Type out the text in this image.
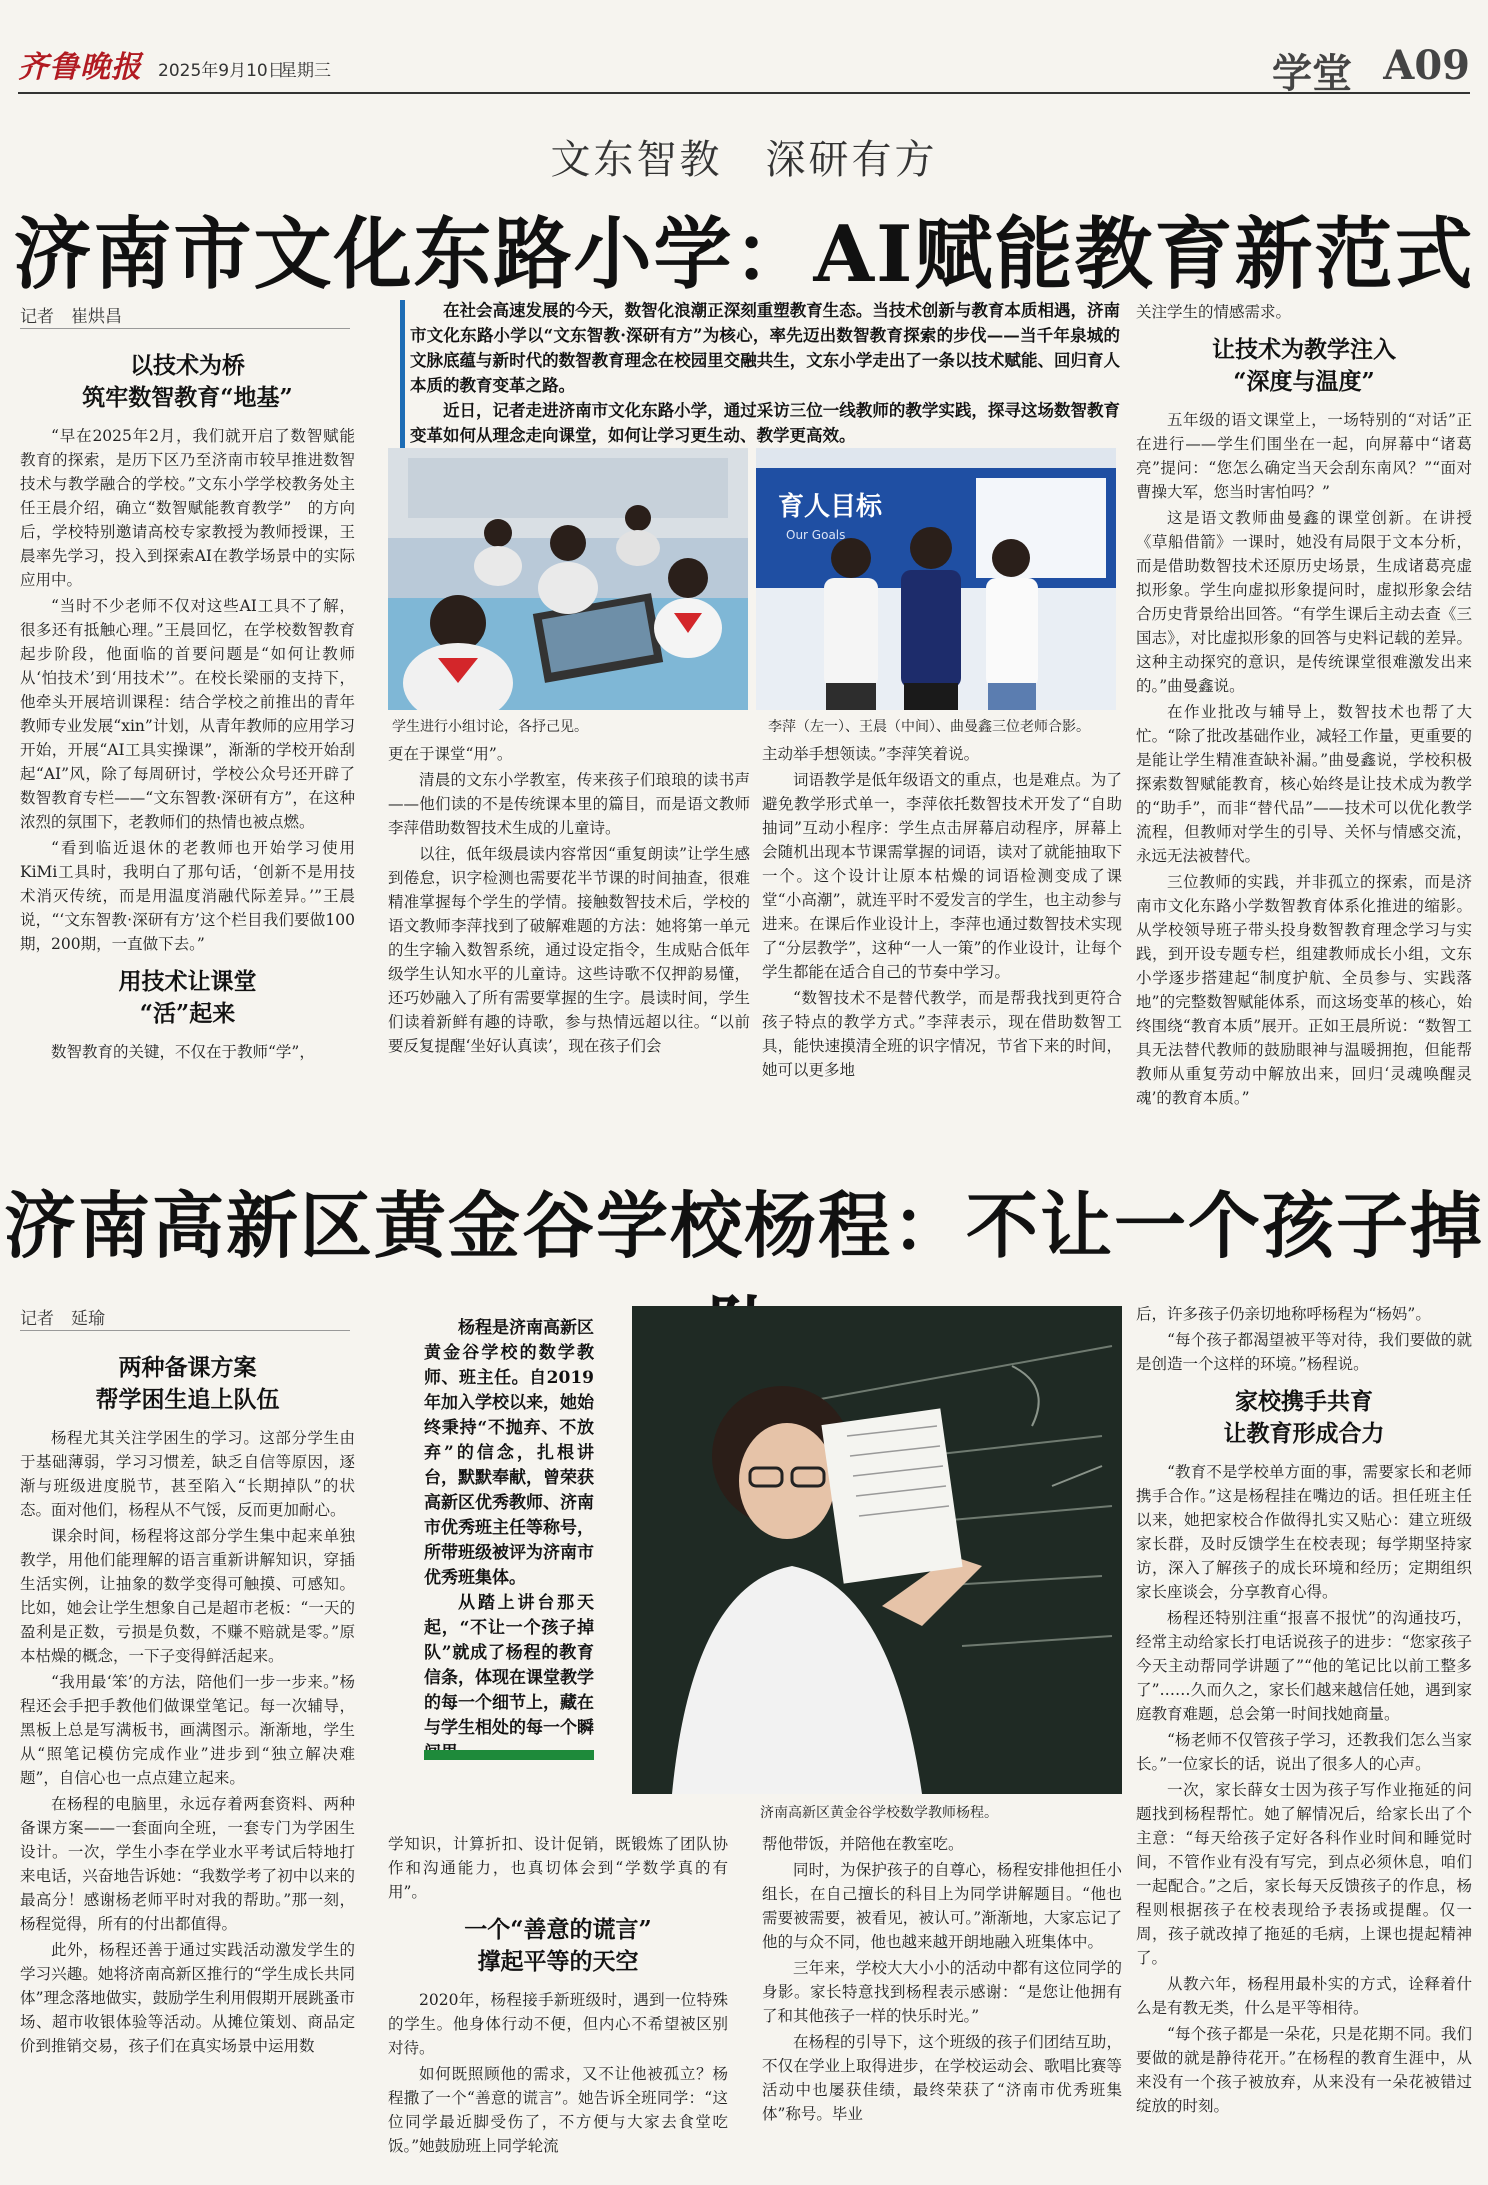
齐鲁晚报 2025年9月10日
星期三	学堂 A09
文东智教　深研有方
济南市文化东路小学：AI赋能教育新范式
记者　崔烘昌
以技术为桥
筑牢数智教育“地基”

“早在2025年2月，我们就开启了数智赋能教育的探索，是历下区乃至济南市较早推进数智技术与教学融合的学校。”文东小学学校教务处主任王晨介绍，确立“数智赋能教育教学”　的方向后，学校特别邀请高校专家教授为教师授课，王晨率先学习，投入到探索AI在教学场景中的实际应用中。

“当时不少老师不仅对这些AI工具不了解，很多还有抵触心理。”王晨回忆，在学校数智教育起步阶段，他面临的首要问题是“如何让教师从‘怕技术’到‘用技术’”。在校长梁丽的支持下，他牵头开展培训课程：结合学校之前推出的青年教师专业发展“xin”计划，从青年教师的应用学习开始，开展“AI工具实操课”，渐渐的学校开始刮起“AI”风，除了每周研讨，学校公众号还开辟了数智教育专栏——“文东智教·深研有方”，在这种浓烈的氛围下，老教师们的热情也被点燃。

“看到临近退休的老教师也开始学习使用KiMi工具时，我明白了那句话，‘创新不是用技术消灭传统，而是用温度消融代际差异。’”王晨说，“‘文东智教·深研有方’这个栏目我们要做100期，200期，一直做下去。”

用技术让课堂
“活”起来

数智教育的关键，不仅在于教师“学”，

在社会高速发展的今天，数智化浪潮正深刻重塑教育生态。当技术创新与教育本质相遇，济南市文化东路小学以“文东智教·深研有方”为核心，率先迈出数智教育探索的步伐——当千年泉城的文脉底蕴与新时代的数智教育理念在校园里交融共生，文东小学走出了一条以技术赋能、回归育人本质的教育变革之路。

近日，记者走进济南市文化东路小学，通过采访三位一线教师的教学实践，探寻这场数智教育变革如何从理念走向课堂，如何让学习更生动、教学更高效。

学生进行小组讨论，各抒己见。
育人目标
Our Goals
李萍（左一）、王晨（中间）、曲曼鑫三位老师合影。

更在于课堂“用”。

清晨的文东小学教室，传来孩子们琅琅的读书声——他们读的不是传统课本里的篇目，而是语文教师李萍借助数智技术生成的儿童诗。

以往，低年级晨读内容常因“重复朗读”让学生感到倦怠，识字检测也需要花半节课的时间抽查，很难精准掌握每个学生的学情。接触数智技术后，学校的语文教师李萍找到了破解难题的方法：她将第一单元的生字输入数智系统，通过设定指令，生成贴合低年级学生认知水平的儿童诗。这些诗歌不仅押韵易懂，还巧妙融入了所有需要掌握的生字。晨读时间，学生们读着新鲜有趣的诗歌，参与热情远超以往。“以前要反复提醒‘坐好认真读’，现在孩子们会

主动举手想领读。”李萍笑着说。

词语教学是低年级语文的重点，也是难点。为了避免教学形式单一，李萍依托数智技术开发了“自助抽词”互动小程序：学生点击屏幕启动程序，屏幕上会随机出现本节课需掌握的词语，读对了就能抽取下一个。这个设计让原本枯燥的词语检测变成了课堂“小高潮”，就连平时不爱发言的学生，也主动参与进来。在课后作业设计上，李萍也通过数智技术实现了“分层教学”，这种“一人一策”的作业设计，让每个学生都能在适合自己的节奏中学习。

“数智技术不是替代教学，而是帮我找到更符合孩子特点的教学方式。”李萍表示，现在借助数智工具，能快速摸清全班的识字情况，节省下来的时间，她可以更多地

关注学生的情感需求。

让技术为教学注入
“深度与温度”

五年级的语文课堂上，一场特别的“对话”正在进行——学生们围坐在一起，向屏幕中“诸葛亮”提问：“您怎么确定当天会刮东南风？”“面对曹操大军，您当时害怕吗？”

这是语文教师曲曼鑫的课堂创新。在讲授《草船借箭》一课时，她没有局限于文本分析，而是借助数智技术还原历史场景，生成诸葛亮虚拟形象。学生向虚拟形象提问时，虚拟形象会结合历史背景给出回答。“有学生课后主动去查《三国志》，对比虚拟形象的回答与史料记载的差异。这种主动探究的意识，是传统课堂很难激发出来的。”曲曼鑫说。

在作业批改与辅导上，数智技术也帮了大忙。“除了批改基础作业，减轻工作量，更重要的是能让学生精准查缺补漏。”曲曼鑫说，学校积极探索数智赋能教育，核心始终是让技术成为教学的“助手”，而非“替代品”——技术可以优化教学流程，但教师对学生的引导、关怀与情感交流，永远无法被替代。

三位教师的实践，并非孤立的探索，而是济南市文化东路小学数智教育体系化推进的缩影。从学校领导班子带头投身数智教育理念学习与实践，到开设专题专栏，组建教师成长小组，文东小学逐步搭建起“制度护航、全员参与、实践落地”的完整数智赋能体系，而这场变革的核心，始终围绕“教育本质”展开。正如王晨所说：“数智工具无法替代教师的鼓励眼神与温暖拥抱，但能帮教师从重复劳动中解放出来，回归‘灵魂唤醒灵魂’的教育本质。”

济南高新区黄金谷学校杨程：不让一个孩子掉
记者　延瑜
两种备课方案
帮学困生追上队伍

杨程尤其关注学困生的学习。这部分学生由于基础薄弱，学习习惯差，缺乏自信等原因，逐渐与班级进度脱节，甚至陷入“长期掉队”的状态。面对他们，杨程从不气馁，反而更加耐心。

课余时间，杨程将这部分学生集中起来单独教学，用他们能理解的语言重新讲解知识，穿插生活实例，让抽象的数学变得可触摸、可感知。比如，她会让学生想象自己是超市老板：“一天的盈利是正数，亏损是负数，不赚不赔就是零。”原本枯燥的概念，一下子变得鲜活起来。

“我用最‘笨’的方法，陪他们一步一步来。”杨程还会手把手教他们做课堂笔记。每一次辅导，黑板上总是写满板书，画满图示。渐渐地，学生从“照笔记模仿完成作业”进步到“独立解决难题”，自信心也一点点建立起来。

在杨程的电脑里，永远存着两套资料、两种备课方案——一套面向全班，一套专门为学困生设计。一次，学生小李在学业水平考试后特地打来电话，兴奋地告诉她：“我数学考了初中以来的最高分！感谢杨老师平时对我的帮助。”那一刻，杨程觉得，所有的付出都值得。

此外，杨程还善于通过实践活动激发学生的学习兴趣。她将济南高新区推行的“学生成长共同体”理念落地做实，鼓励学生利用假期开展跳蚤市场、超市收银体验等活动。从摊位策划、商品定价到推销交易，孩子们在真实场景中运用数

杨程是济南高新区黄金谷学校的数学教师、班主任。自2019年加入学校以来，她始终秉持“不抛弃、不放弃”的信念，扎根讲台，默默奉献，曾荣获高新区优秀教师、济南市优秀班主任等称号，所带班级被评为济南市优秀班集体。

从踏上讲台那天起，“不让一个孩子掉队”就成了杨程的教育信条，体现在课堂教学的每一个细节上，藏在与学生相处的每一个瞬

济南高新区黄金谷学校数学教师杨程。

学知识，计算折扣、设计促销，既锻炼了团队协作和沟通能力，也真切体会到“学数学真的有用”。

一个“善意的谎言”
撑起平等的天空

2020年，杨程接手新班级时，遇到一位特殊的学生。他身体行动不便，但内心不希望被区别对待。

如何既照顾他的需求，又不让他被孤立？杨程撒了一个“善意的谎言”。她告诉全班同学：“这位同学最近脚受伤了，不方便与大家去食堂吃饭。”她鼓励班上同学轮流

帮他带饭，并陪他在教室吃。

同时，为保护孩子的自尊心，杨程安排他担任小组长，在自己擅长的科目上为同学讲解题目。“他也需要被需要，被看见，被认可。”渐渐地，大家忘记了他的与众不同，他也越来越开朗地融入班集体中。

三年来，学校大大小小的活动中都有这位同学的身影。家长特意找到杨程表示感谢：“是您让他拥有了和其他孩子一样的快乐时光。”

在杨程的引导下，这个班级的孩子们团结互助，不仅在学业上取得进步，在学校运动会、歌唱比赛等活动中也屡获佳绩，最终荣获了“济南市优秀班集体”称号。毕业

后，许多孩子仍亲切地称呼杨程为“杨妈”。

“每个孩子都渴望被平等对待，我们要做的就是创造一个这样的环境。”杨程说。

家校携手共育
让教育形成合力

“教育不是学校单方面的事，需要家长和老师携手合作。”这是杨程挂在嘴边的话。担任班主任以来，她把家校合作做得扎实又贴心：建立班级家长群，及时反馈学生在校表现；每学期坚持家访，深入了解孩子的成长环境和经历；定期组织家长座谈会，分享教育心得。

杨程还特别注重“报喜不报忧”的沟通技巧，经常主动给家长打电话说孩子的进步：“您家孩子今天主动帮同学讲题了”“他的笔记比以前工整多了”……久而久之，家长们越来越信任她，遇到家庭教育难题，总会第一时间找她商量。

“杨老师不仅管孩子学习，还教我们怎么当家长。”一位家长的话，说出了很多人的心声。

一次，家长薛女士因为孩子写作业拖延的问题找到杨程帮忙。她了解情况后，给家长出了个主意：“每天给孩子定好各科作业时间和睡觉时间，不管作业有没有写完，到点必须休息，咱们一起配合。”之后，家长每天反馈孩子的作息，杨程则根据孩子在校表现给予表扬或提醒。仅一周，孩子就改掉了拖延的毛病，上课也提起精神了。

从教六年，杨程用最朴实的方式，诠释着什么是有教无类，什么是平等相待。

“每个孩子都是一朵花，只是花期不同。我们要做的就是静待花开。”在杨程的教育生涯中，从来没有一个孩子被放弃，从来没有一朵花被错过绽放的时刻。
